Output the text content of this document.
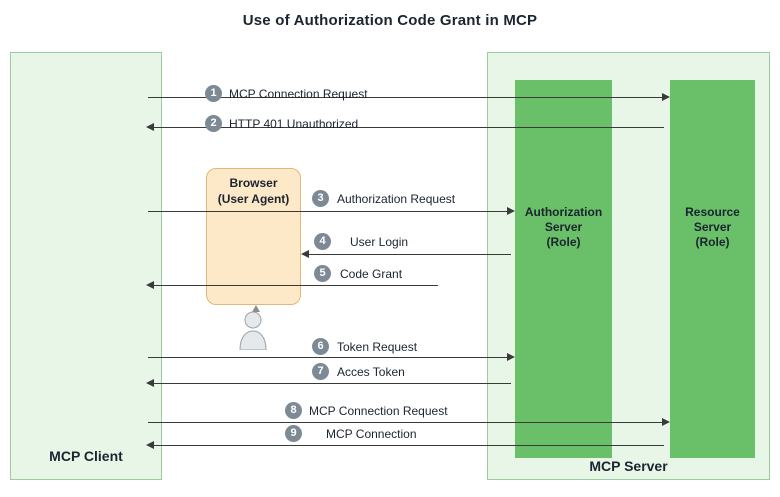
Use of Authorization Code Grant in MCP
MCP Client
MCP Server
Authorization
Server
(Role)
Resource
Server
(Role)
Browser
(User Agent)
1	MCP Connection Request
2	HTTP 401 Unauthorized
3	Authorization Request
4	User Login
5	Code Grant
6	Token Request
7	Acces Token
8	MCP Connection Request
9	MCP Connection
